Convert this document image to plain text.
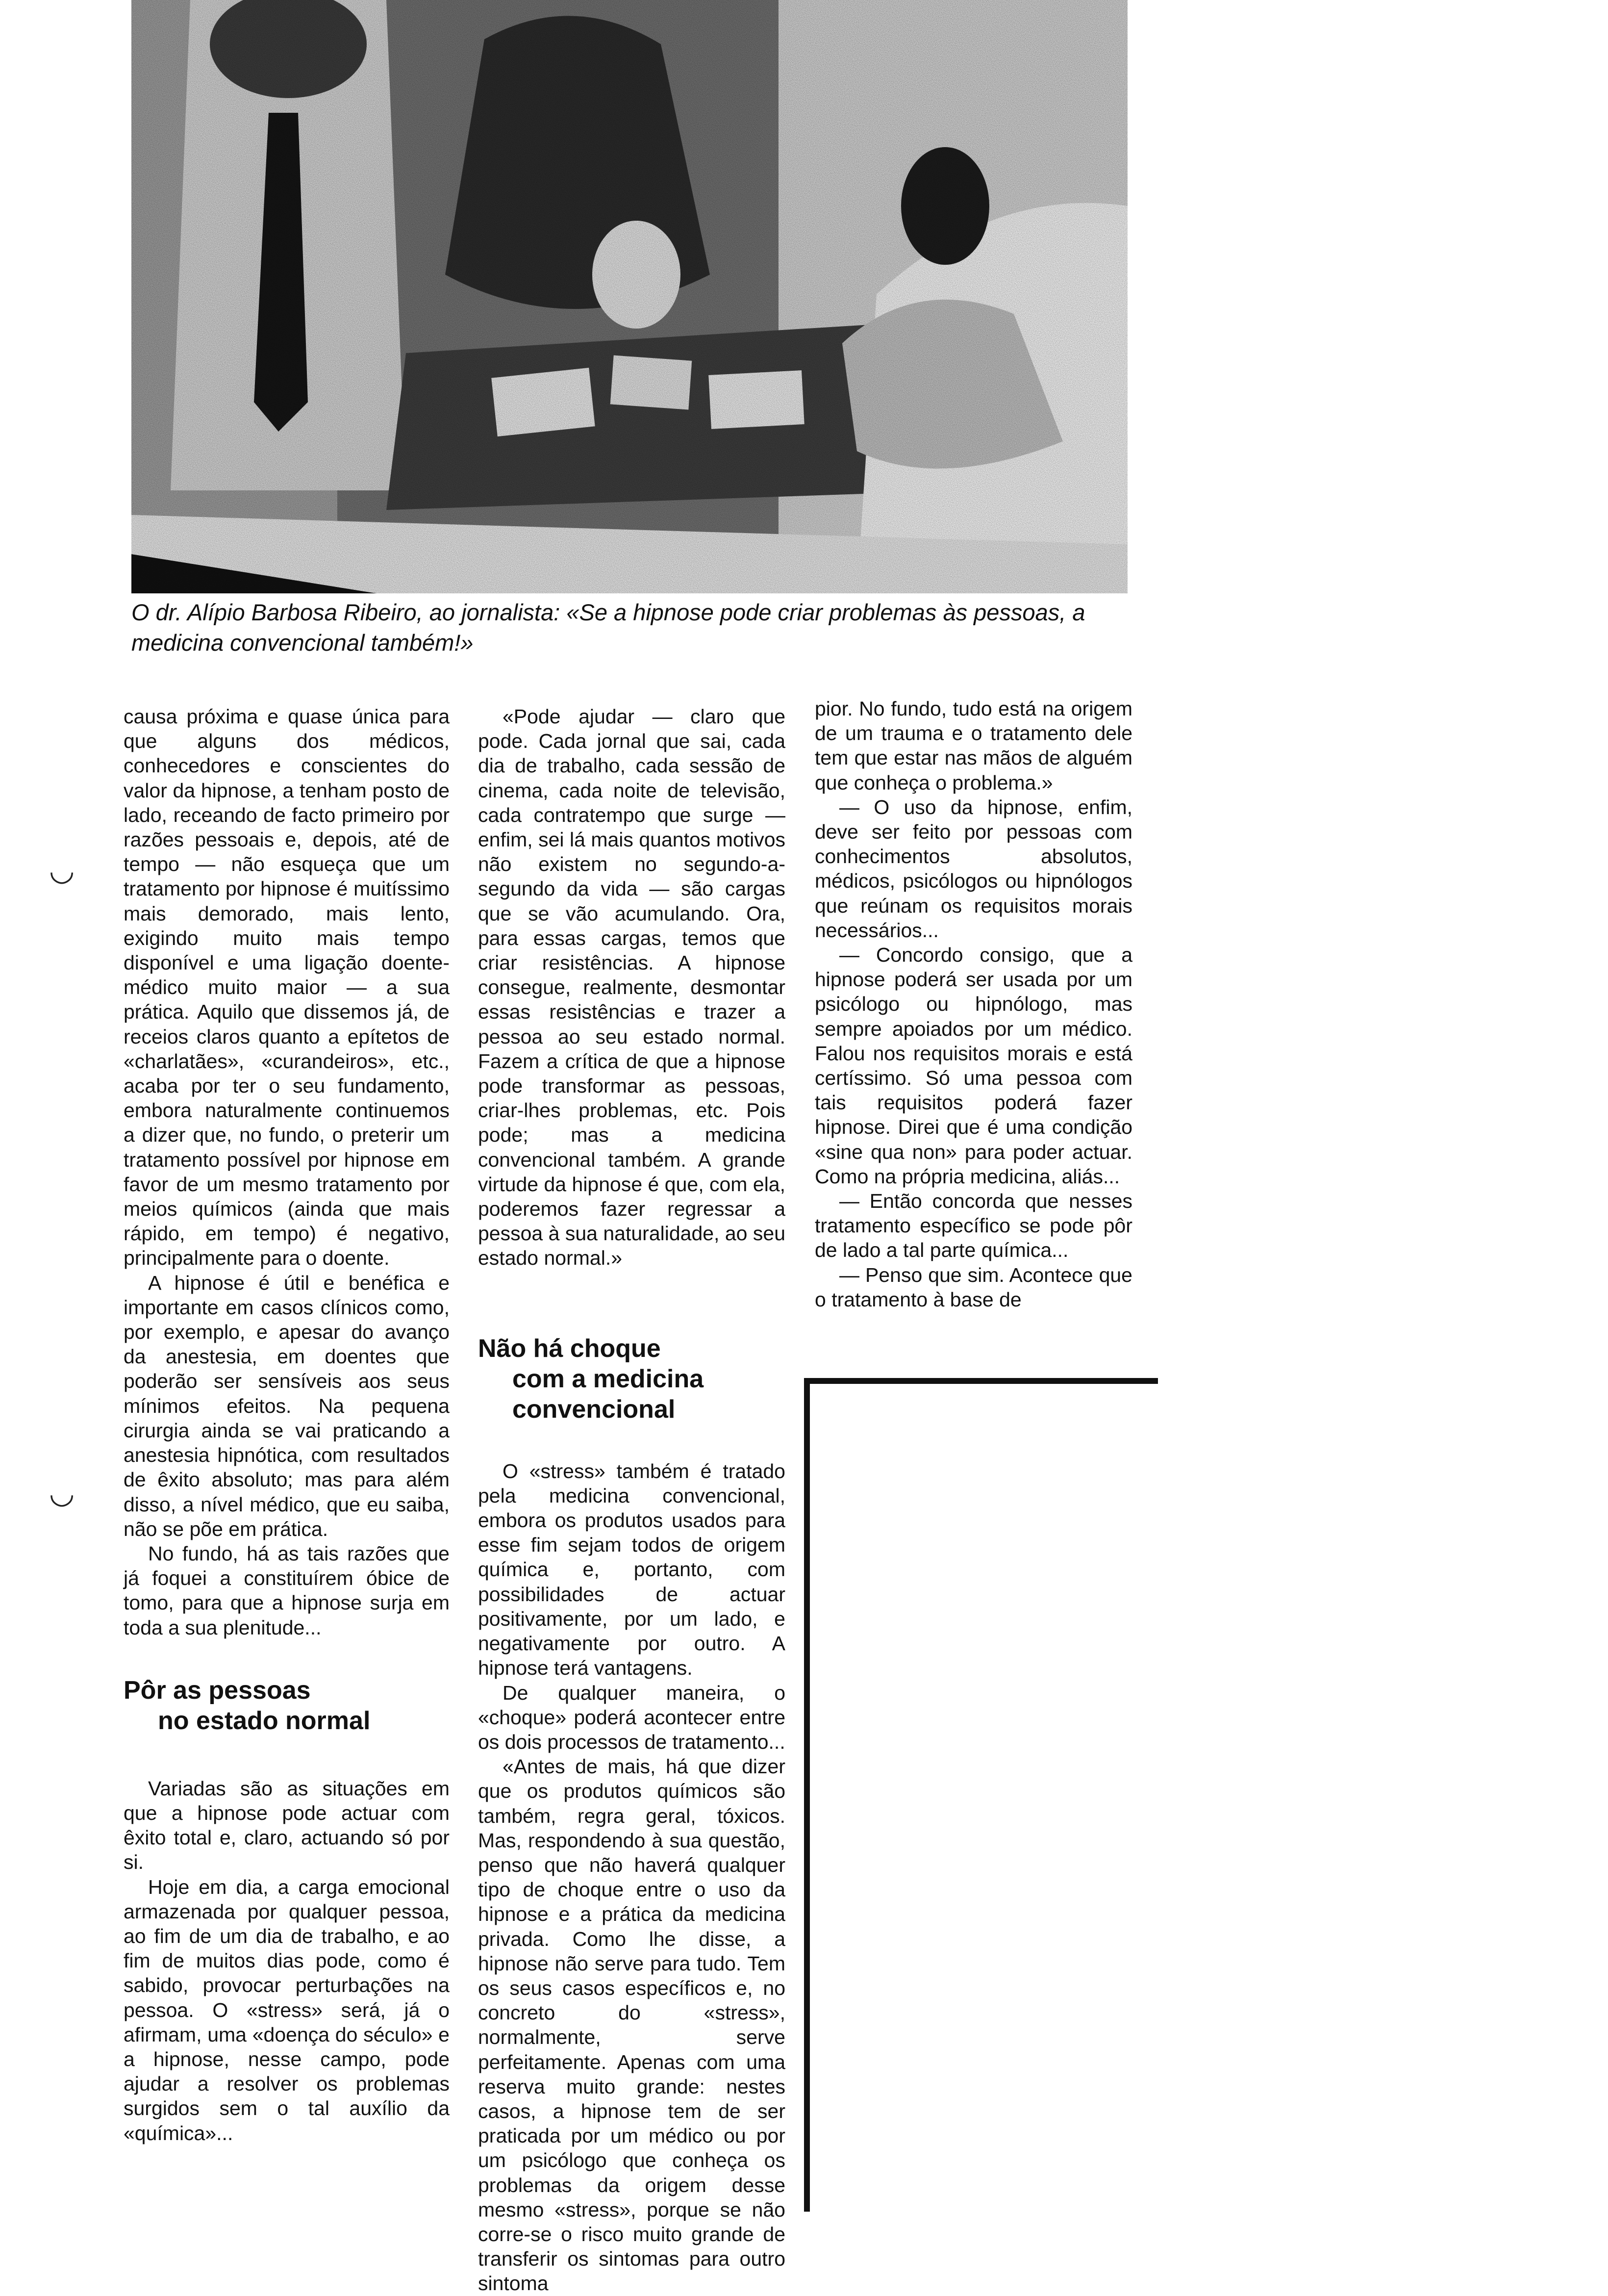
O dr. Alípio Barbosa Ribeiro, ao jornalista: «Se a hipnose pode criar problemas às pessoas, a medicina convencional também!»

causa próxima e quase única para que alguns dos médicos, conhecedores e conscientes do valor da hipnose, a tenham posto de lado, receando de facto primeiro por razões pessoais e, depois, até de tempo — não esqueça que um tratamento por hipnose é muitíssimo mais demorado, mais lento, exigindo muito mais tempo disponível e uma ligação doente-médico muito maior — a sua prática. Aquilo que dissemos já, de receios claros quanto a epítetos de «charlatães», «curandeiros», etc., acaba por ter o seu fundamento, embora naturalmente continuemos a dizer que, no fundo, o preterir um tratamento possível por hipnose em favor de um mesmo tratamento por meios químicos (ainda que mais rápido, em tempo) é negativo, principalmente para o doente.

A hipnose é útil e benéfica e importante em casos clínicos como, por exemplo, e apesar do avanço da anestesia, em doentes que poderão ser sensíveis aos seus mínimos efeitos. Na pequena cirurgia ainda se vai praticando a anestesia hipnótica, com resultados de êxito absoluto; mas para além disso, a nível médico, que eu saiba, não se põe em prática.

No fundo, há as tais razões que já foquei a constituírem óbice de tomo, para que a hipnose surja em toda a sua plenitude...

Pôr as pessoas
no estado normal

Variadas são as situações em que a hipnose pode actuar com êxito total e, claro, actuando só por si.

Hoje em dia, a carga emocional armazenada por qualquer pessoa, ao fim de um dia de trabalho, e ao fim de muitos dias pode, como é sabido, provocar perturbações na pessoa. O «stress» será, já o afirmam, uma «doença do século» e a hipnose, nesse campo, pode ajudar a resolver os problemas surgidos sem o tal auxílio da «química»...

«Pode ajudar — claro que pode. Cada jornal que sai, cada dia de trabalho, cada sessão de cinema, cada noite de televisão, cada contratempo que surge — enfim, sei lá mais quantos motivos não existem no segundo-a-segundo da vida — são cargas que se vão acumulando. Ora, para essas cargas, temos que criar resistências. A hipnose consegue, realmente, desmontar essas resistências e trazer a pessoa ao seu estado normal. Fazem a crítica de que a hipnose pode transformar as pessoas, criar-lhes problemas, etc. Pois pode; mas a medicina convencional também. A grande virtude da hipnose é que, com ela, poderemos fazer regressar a pessoa à sua naturalidade, ao seu estado normal.»

Não há choque
com a medicina
convencional

O «stress» também é tratado pela medicina convencional, embora os produtos usados para esse fim sejam todos de origem química e, portanto, com possibilidades de actuar positivamente, por um lado, e negativamente por outro. A hipnose terá vantagens.

De qualquer maneira, o «choque» poderá acontecer entre os dois processos de tratamento...

«Antes de mais, há que dizer que os produtos químicos são também, regra geral, tóxicos. Mas, respondendo à sua questão, penso que não haverá qualquer tipo de choque entre o uso da hipnose e a prática da medicina privada. Como lhe disse, a hipnose não serve para tudo. Tem os seus casos específicos e, no concreto do «stress», normalmente, serve perfeitamente. Apenas com uma reserva muito grande: nestes casos, a hipnose tem de ser praticada por um médico ou por um psicólogo que conheça os problemas da origem desse mesmo «stress», porque se não corre-se o risco muito grande de transferir os sintomas para outro sintoma

pior. No fundo, tudo está na origem de um trauma e o tratamento dele tem que estar nas mãos de alguém que conheça o problema.»

— O uso da hipnose, enfim, deve ser feito por pessoas com conhecimentos absolutos, médicos, psicólogos ou hipnólogos que reúnam os requisitos morais necessários...

— Concordo consigo, que a hipnose poderá ser usada por um psicólogo ou hipnólogo, mas sempre apoiados por um médico. Falou nos requisitos morais e está certíssimo. Só uma pessoa com tais requisitos poderá fazer hipnose. Direi que é uma condição «sine qua non» para poder actuar. Como na própria medicina, aliás...

— Então concorda que nesses tratamento específico se pode pôr de lado a tal parte química...

— Penso que sim. Acontece que o tratamento à base de

◡
◡
